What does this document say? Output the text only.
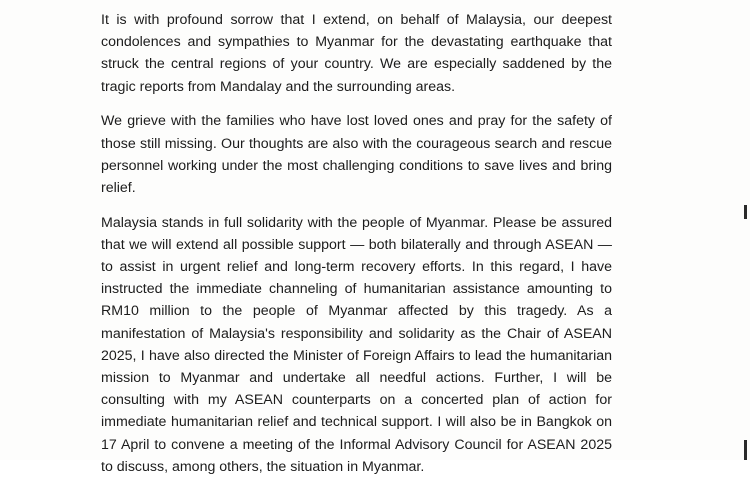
It is with profound sorrow that I extend, on behalf of Malaysia, our deepest condolences and sympathies to Myanmar for the devastating earthquake that struck the central regions of your country. We are especially saddened by the tragic reports from Mandalay and the surrounding areas.

We grieve with the families who have lost loved ones and pray for the safety of those still missing. Our thoughts are also with the courageous search and rescue personnel working under the most challenging conditions to save lives and bring relief.

Malaysia stands in full solidarity with the people of Myanmar. Please be assured that we will extend all possible support — both bilaterally and through ASEAN — to assist in urgent relief and long-term recovery efforts. In this regard, I have instructed the immediate channeling of humanitarian assistance amounting to RM10 million to the people of Myanmar affected by this tragedy. As a manifestation of Malaysia's responsibility and solidarity as the Chair of ASEAN 2025, I have also directed the Minister of Foreign Affairs to lead the humanitarian mission to Myanmar and undertake all needful actions. Further, I will be consulting with my ASEAN counterparts on a concerted plan of action for immediate humanitarian relief and technical support. I will also be in Bangkok on 17 April to convene a meeting of the Informal Advisory Council for ASEAN 2025 to discuss, among others, the situation in Myanmar.
